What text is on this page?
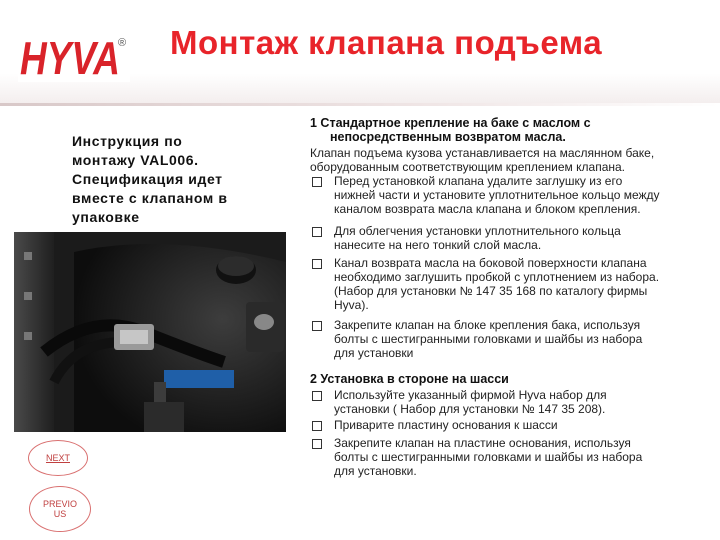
HYVA
® Монтаж клапана подъема
Инструкция по
монтажу VAL006.
Спецификация идет
вместе с клапаном в
упаковке
NEXT
PREVIO
US
1 Стандартное крепление на баке с маслом с
непосредственным возвратом масла.
Клапан подъема кузова устанавливается на маслянном баке,
оборудованным соответствующим креплением клапана.
Перед установкой клапана удалите заглушку из его
нижней части и установите уплотнительное кольцо между
каналом возврата масла клапана и блоком крепления.
Для облегчения установки уплотнительного кольца
нанесите на него тонкий слой масла.
Канал возврата масла на боковой поверхности клапана
необходимо заглушить пробкой с уплотнением из набора.
(Набор для установки № 147 35 168 по каталогу фирмы
Hyva).
Закрепите клапан на блоке крепления бака, используя
болты с шестигранными головками и шайбы из набора
для установки
2 Установка в стороне на шасси
Используйте указанный фирмой Hyva набор для
установки ( Набор для установки № 147 35 208).
Приварите пластину основания к шасси
Закрепите клапан на пластине основания, используя
болты с шестигранными головками и шайбы из набора
для установки.
